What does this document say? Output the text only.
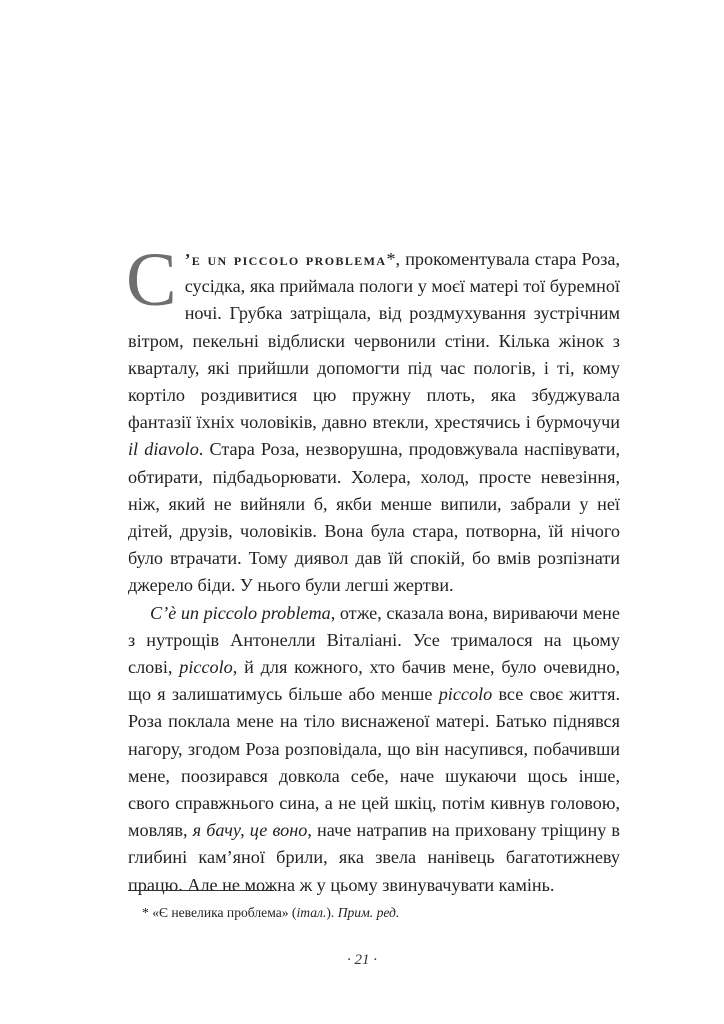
C ’e un piccolo problema*, прокоментувала стара Роза, сусідка, яка приймала пологи у моєї матері тої буремної ночі. Грубка затріщала, від роздмухування зустрічним вітром, пекельні відблиски червонили стіни. Кілька жінок з кварталу, які прийшли допомогти під час пологів, і ті, кому кортіло роздивитися цю пружну плоть, яка збуджувала фантазії їхніх чоловіків, давно втекли, хрестячись і бурмочучи il diavolo. Стара Роза, незворушна, продовжувала наспівувати, обтирати, підбадьорювати. Холера, холод, просте невезіння, ніж, який не вийняли б, якби менше випили, забрали у неї дітей, друзів, чоловіків. Вона була стара, потворна, їй нічого було втрачати. Тому диявол дав їй спокій, бо вмів розпізнати джерело біди. У нього були легші жертви.

C’è un piccolo problema, отже, сказала вона, вириваючи мене з нутрощів Антонелли Віталіані. Усе трималося на цьому слові, piccolo, й для кожного, хто бачив мене, було очевидно, що я залишатимусь більше або менше piccolo все своє життя. Роза поклала мене на тіло виснаженої матері. Батько піднявся нагору, згодом Роза розповідала, що він насупився, побачивши мене, поозирався довкола себе, наче шукаючи щось інше, свого справжнього сина, а не цей шкіц, потім кивнув головою, мовляв, я бачу, це воно, наче натрапив на приховану тріщину в глибині кам’яної брили, яка звела нанівець багатотижневу працю. Але не можна ж у цьому звинувачувати камінь.

* «Є невелика проблема» (італ.). Прим. ред.
· 21 ·
